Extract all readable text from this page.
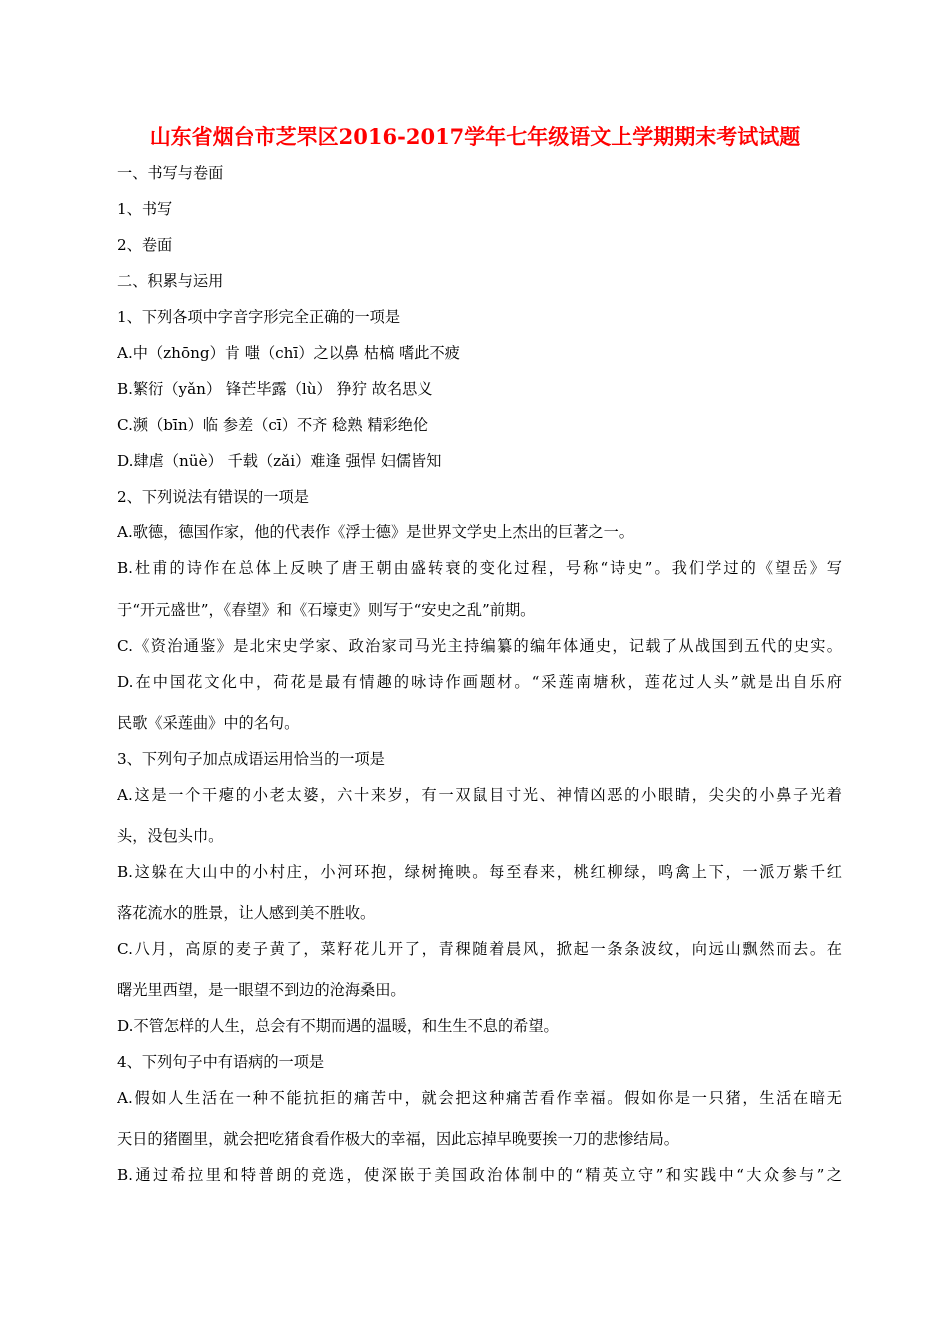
山东省烟台市芝罘区2016-2017学年七年级语文上学期期末考试试题
一、书写与卷面
1、书写
2、卷面
二、积累与运用
1、下列各项中字音字形完全正确的一项是
A.中（zhōng）肯 嗤（chī）之以鼻 枯槁 嗜此不疲
B.繁衍（yǎn） 锋芒毕露（lù） 狰狞 故名思义
C.濒（bīn）临 参差（cī）不齐 稔熟 精彩绝伦
D.肆虐（nüè） 千载（zǎi）难逢 强悍 妇儒皆知
2、下列说法有错误的一项是
A.歌德，德国作家，他的代表作《浮士德》是世界文学史上杰出的巨著之一。
B.杜甫的诗作在总体上反映了唐王朝由盛转衰的变化过程，号称“诗史”。我们学过的《望岳》写
于“开元盛世”，《春望》和《石壕吏》则写于“安史之乱”前期。
C.《资治通鉴》是北宋史学家、政治家司马光主持编纂的编年体通史，记载了从战国到五代的史实。
D.在中国花文化中，荷花是最有情趣的咏诗作画题材。“采莲南塘秋，莲花过人头”就是出自乐府
民歌《采莲曲》中的名句。
3、下列句子加点成语运用恰当的一项是
A.这是一个干瘪的小老太婆，六十来岁，有一双鼠目寸光、神情凶恶的小眼睛，尖尖的小鼻子光着
头，没包头巾。
B.这躲在大山中的小村庄，小河环抱，绿树掩映。每至春来，桃红柳绿，鸣禽上下，一派万紫千红
落花流水的胜景，让人感到美不胜收。
C.八月，高原的麦子黄了，菜籽花儿开了，青稞随着晨风，掀起一条条波纹，向远山飘然而去。在
曙光里西望，是一眼望不到边的沧海桑田。
D.不管怎样的人生，总会有不期而遇的温暖，和生生不息的希望。
4、下列句子中有语病的一项是
A.假如人生活在一种不能抗拒的痛苦中，就会把这种痛苦看作幸福。假如你是一只猪，生活在暗无
天日的猪圈里，就会把吃猪食看作极大的幸福，因此忘掉早晚要挨一刀的悲惨结局。
B.通过希拉里和特普朗的竞选，使深嵌于美国政治体制中的“精英立守”和实践中“大众参与”之
